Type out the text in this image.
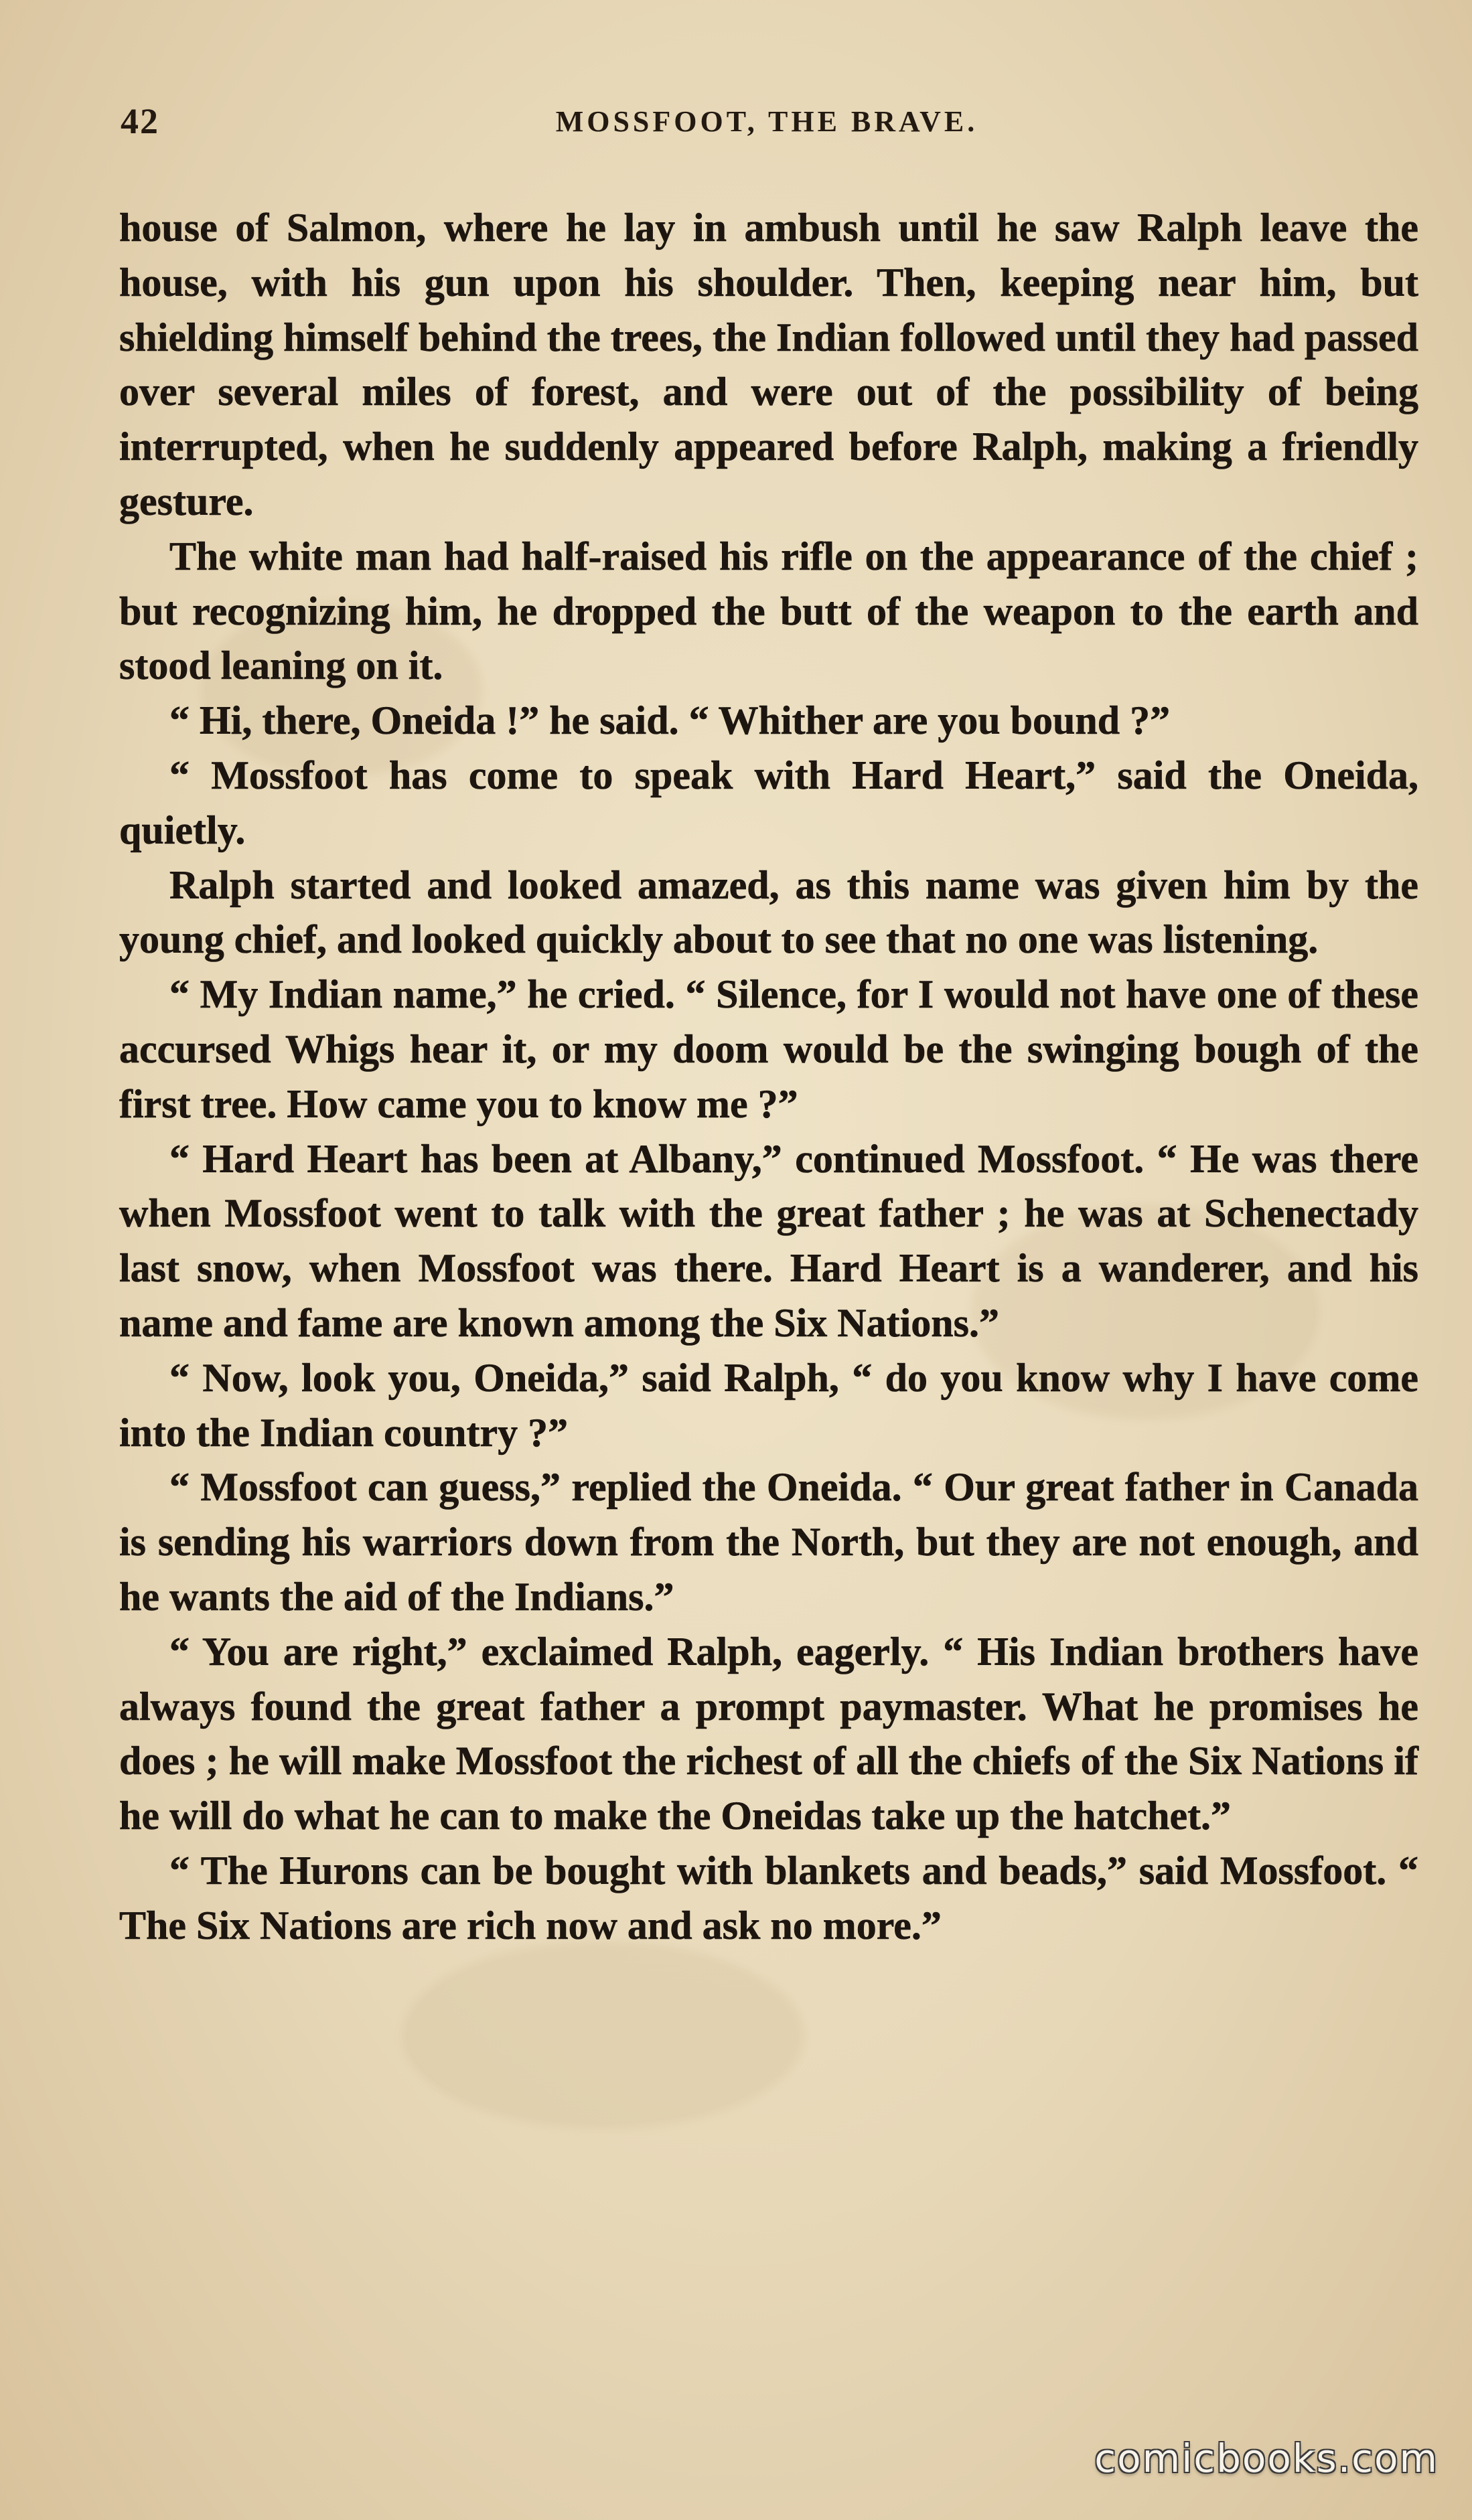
42	MOSSFOOT, THE BRAVE.

house of Salmon, where he lay in ambush until he saw Ralph leave the house, with his gun upon his shoulder. Then, keeping near him, but shielding himself behind the trees, the Indian followed until they had passed over several miles of forest, and were out of the possibility of being interrupted, when he suddenly appeared before Ralph, making a friendly gesture.

The white man had half-raised his rifle on the appearance of the chief ; but recognizing him, he dropped the butt of the weapon to the earth and stood leaning on it.

“ Hi, there, Oneida !” he said. “ Whither are you bound ?”

“ Mossfoot has come to speak with Hard Heart,” said the Oneida, quietly.

Ralph started and looked amazed, as this name was given him by the young chief, and looked quickly about to see that no one was listening.

“ My Indian name,” he cried. “ Silence, for I would not have one of these accursed Whigs hear it, or my doom would be the swinging bough of the first tree. How came you to know me ?”

“ Hard Heart has been at Albany,” continued Mossfoot. “ He was there when Mossfoot went to talk with the great father ; he was at Schenectady last snow, when Mossfoot was there. Hard Heart is a wanderer, and his name and fame are known among the Six Nations.”

“ Now, look you, Oneida,” said Ralph, “ do you know why I have come into the Indian country ?”

“ Mossfoot can guess,” replied the Oneida. “ Our great father in Canada is sending his warriors down from the North, but they are not enough, and he wants the aid of the Indians.”

“ You are right,” exclaimed Ralph, eagerly. “ His Indian brothers have always found the great father a prompt paymaster. What he promises he does ; he will make Mossfoot the richest of all the chiefs of the Six Nations if he will do what he can to make the Oneidas take up the hatchet.”

“ The Hurons can be bought with blankets and beads,” said Mossfoot. “ The Six Nations are rich now and ask no more.”

comicbooks.com
